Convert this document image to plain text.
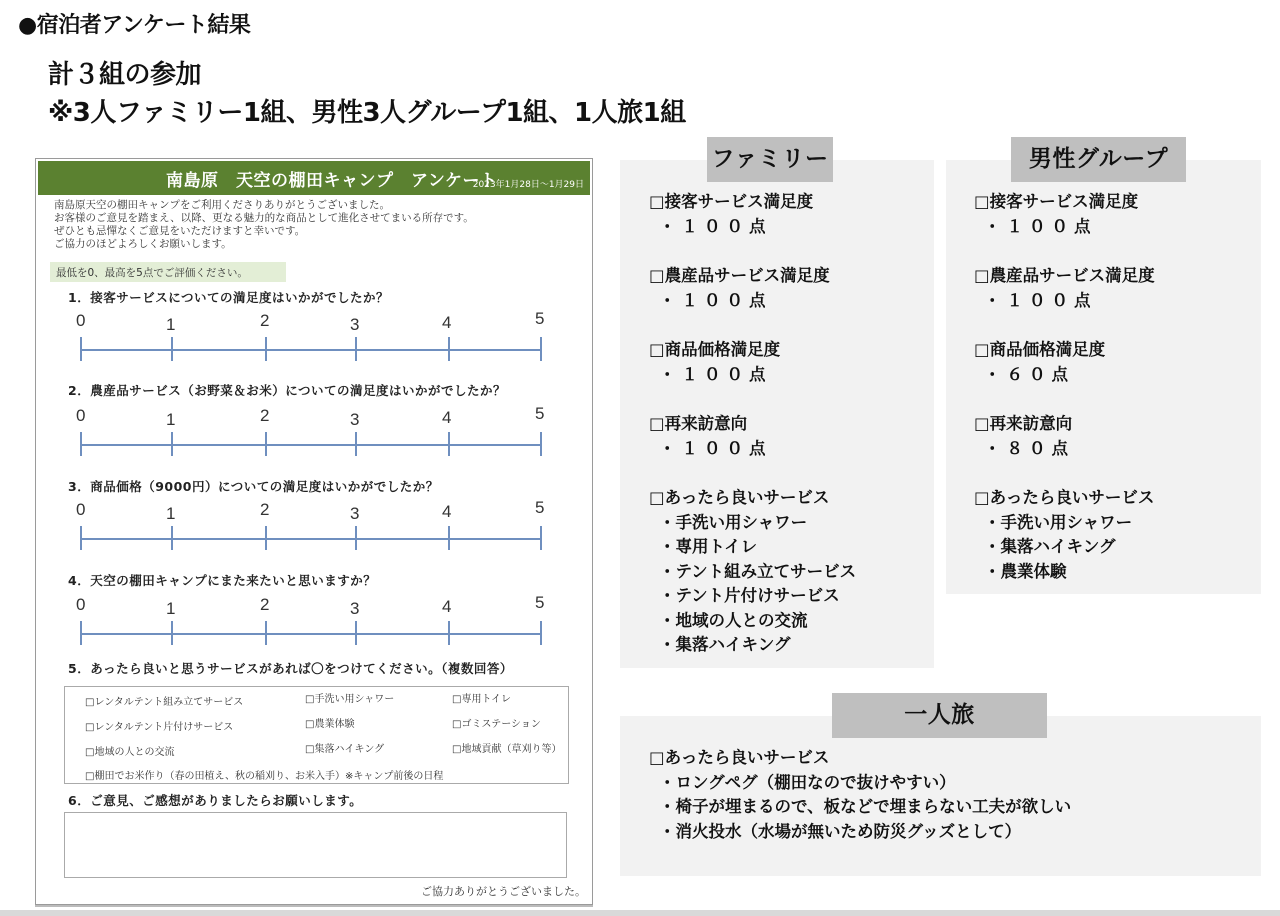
●宿泊者アンケート結果
計３組の参加
※3人ファミリー1組、男性3人グループ1組、1人旅1組
南島原　天空の棚田キャンプ　アンケート
2023年1月28日～1月29日
南島原天空の棚田キャンプをご利用くださりありがとうございました。
お客様のご意見を踏まえ、以降、更なる魅力的な商品として進化させてまいる所存です。
ぜひとも忌憚なくご意見をいただけますと幸いです。
ご協力のほどよろしくお願いします。
最低を0、最高を5点でご評価ください。
1．接客サービスについての満足度はいかがでしたか？
0	1	2	3	4	5
2．農産品サービス（お野菜＆お米）についての満足度はいかがでしたか？
0	1	2	3	4	5
3．商品価格（9000円）についての満足度はいかがでしたか？
0	1	2	3	4	5
4．天空の棚田キャンプにまた来たいと思いますか？
0	1	2	3	4	5
5．あったら良いと思うサービスがあれば〇をつけてください。（複数回答）
□レンタルテント組み立てサービス	□手洗い用シャワー	□専用トイレ
□レンタルテント片付けサービス	□農業体験	□ゴミステーション
□地域の人との交流	□集落ハイキング	□地域貢献（草刈り等）
□棚田でお米作り（春の田植え、秋の稲刈り、お米入手）※キャンプ前後の日程
6．ご意見、ご感想がありましたらお願いします。
ご協力ありがとうございました。
□接客サービス満足度
・１００点
□農産品サービス満足度
・１００点
□商品価格満足度
・１００点
□再来訪意向
・１００点
□あったら良いサービス
・手洗い用シャワー
・専用トイレ
・テント組み立てサービス
・テント片付けサービス
・地域の人との交流
・集落ハイキング
ファミリー
□接客サービス満足度
・１００点
□農産品サービス満足度
・１００点
□商品価格満足度
・６０点
□再来訪意向
・８０点
□あったら良いサービス
・手洗い用シャワー
・集落ハイキング
・農業体験
男性グループ
□あったら良いサービス
・ロングペグ（棚田なので抜けやすい）
・椅子が埋まるので、板などで埋まらない工夫が欲しい
・消火投水（水場が無いため防災グッズとして）
一人旅
